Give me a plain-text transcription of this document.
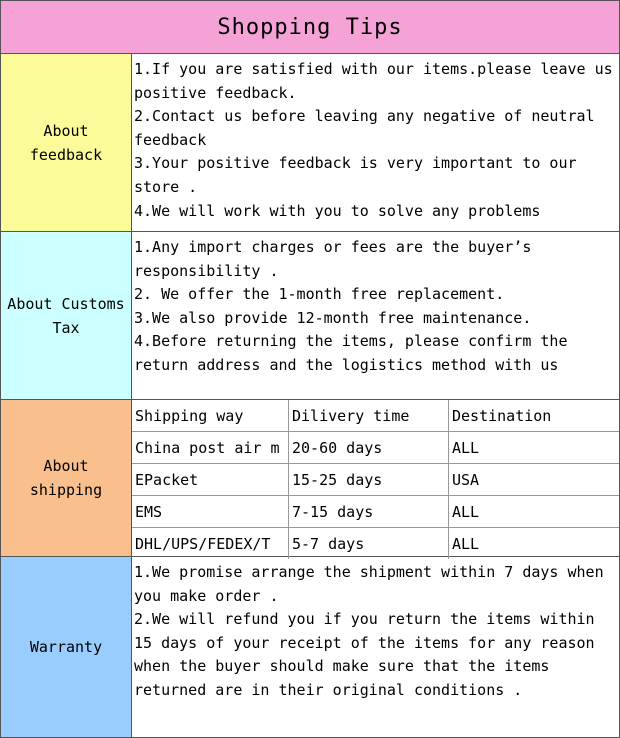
Shopping Tips
About feedback

1.If you are satisfied with our items.please leave us positive feedback.

2.Contact us before leaving any negative of neutral feedback

3.Your positive feedback is very important to our store .

4.We will work with you to solve any problems

About Customs Tax

1.Any import charges or fees are the buyer’s responsibility .

2. We offer the 1-month free replacement.

3.We also provide 12-month free maintenance.

4.Before returning the items, please confirm the return address and the logistics method with us

About shipping
Shipping way	Dilivery time	Destination
China post air m	20-60 days	ALL
EPacket	15-25 days	USA
EMS	7-15 days	ALL
DHL/UPS/FEDEX/T	5-7 days	ALL
Warranty

1.We promise arrange the shipment within 7 days when you make order .

2.We will refund you if you return the items within 15 days of your receipt of the items for any reason when the buyer should make sure that the items returned are in their original conditions .
